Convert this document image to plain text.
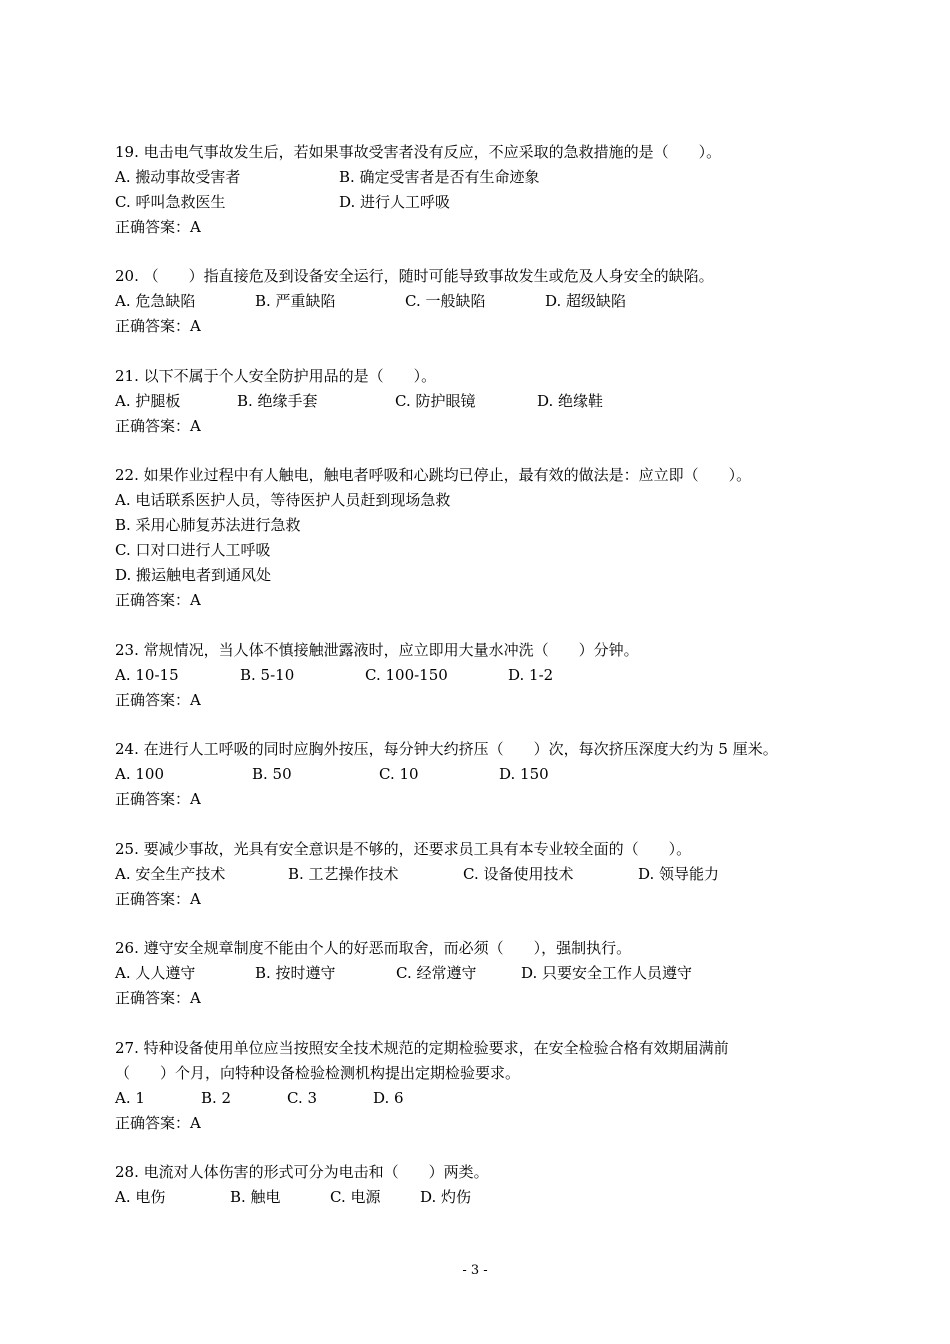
19. 电击电气事故发生后，若如果事故受害者没有反应，不应采取的急救措施的是（　　）。
A. 搬动事故受害者	B. 确定受害者是否有生命迹象
C. 呼叫急救医生	D. 进行人工呼吸
正确答案：A
20. （　　）指直接危及到设备安全运行，随时可能导致事故发生或危及人身安全的缺陷。
A. 危急缺陷	B. 严重缺陷	C. 一般缺陷	D. 超级缺陷
正确答案：A
21. 以下不属于个人安全防护用品的是（　　）。
A. 护腿板	B. 绝缘手套	C. 防护眼镜	D. 绝缘鞋
正确答案：A
22. 如果作业过程中有人触电，触电者呼吸和心跳均已停止，最有效的做法是：应立即（　　）。
A. 电话联系医护人员，等待医护人员赶到现场急救
B. 采用心肺复苏法进行急救
C. 口对口进行人工呼吸
D. 搬运触电者到通风处
正确答案：A
23. 常规情况，当人体不慎接触泄露液时，应立即用大量水冲洗（　　）分钟。
A. 10-15	B. 5-10	C. 100-150	D. 1-2
正确答案：A
24. 在进行人工呼吸的同时应胸外按压，每分钟大约挤压（　　）次，每次挤压深度大约为 5 厘米。
A. 100	B. 50	C. 10	D. 150
正确答案：A
25. 要减少事故，光具有安全意识是不够的，还要求员工具有本专业较全面的（　　）。
A. 安全生产技术	B. 工艺操作技术	C. 设备使用技术	D. 领导能力
正确答案：A
26. 遵守安全规章制度不能由个人的好恶而取舍，而必须（　　），强制执行。
A. 人人遵守	B. 按时遵守	C. 经常遵守	D. 只要安全工作人员遵守
正确答案：A
27. 特种设备使用单位应当按照安全技术规范的定期检验要求，在安全检验合格有效期届满前
（　　）个月，向特种设备检验检测机构提出定期检验要求。
A. 1	B. 2	C. 3	D. 6
正确答案：A
28. 电流对人体伤害的形式可分为电击和（　　）两类。
A. 电伤	B. 触电	C. 电源	D. 灼伤
- 3 -
